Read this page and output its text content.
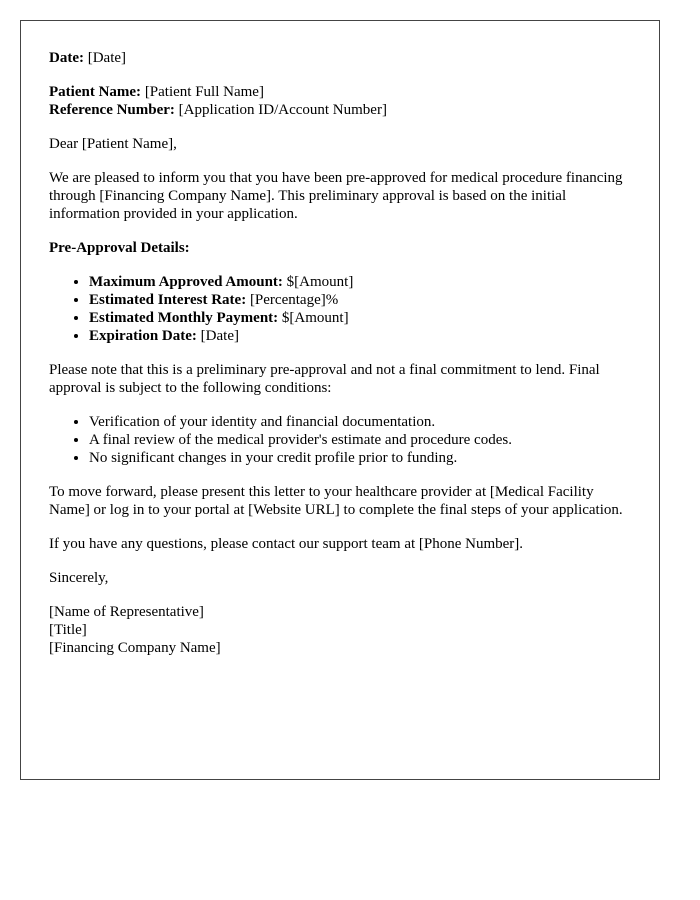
Date: [Date]
Patient Name: [Patient Full Name]
Reference Number: [Application ID/Account Number]

Dear [Patient Name],

We are pleased to inform you that you have been pre-approved for medical procedure financing through [Financing Company Name]. This preliminary approval is based on the initial information provided in your application.

Pre-Approval Details:

• Maximum Approved Amount: $[Amount]
• Estimated Interest Rate: [Percentage]%
• Estimated Monthly Payment: $[Amount]
• Expiration Date: [Date]

Please note that this is a preliminary pre-approval and not a final commitment to lend. Final approval is subject to the following conditions:

• Verification of your identity and financial documentation.
• A final review of the medical provider's estimate and procedure codes.
• No significant changes in your credit profile prior to funding.

To move forward, please present this letter to your healthcare provider at [Medical Facility Name] or log in to your portal at [Website URL] to complete the final steps of your application.

If you have any questions, please contact our support team at [Phone Number].

Sincerely,

[Name of Representative]
[Title]
[Financing Company Name]
